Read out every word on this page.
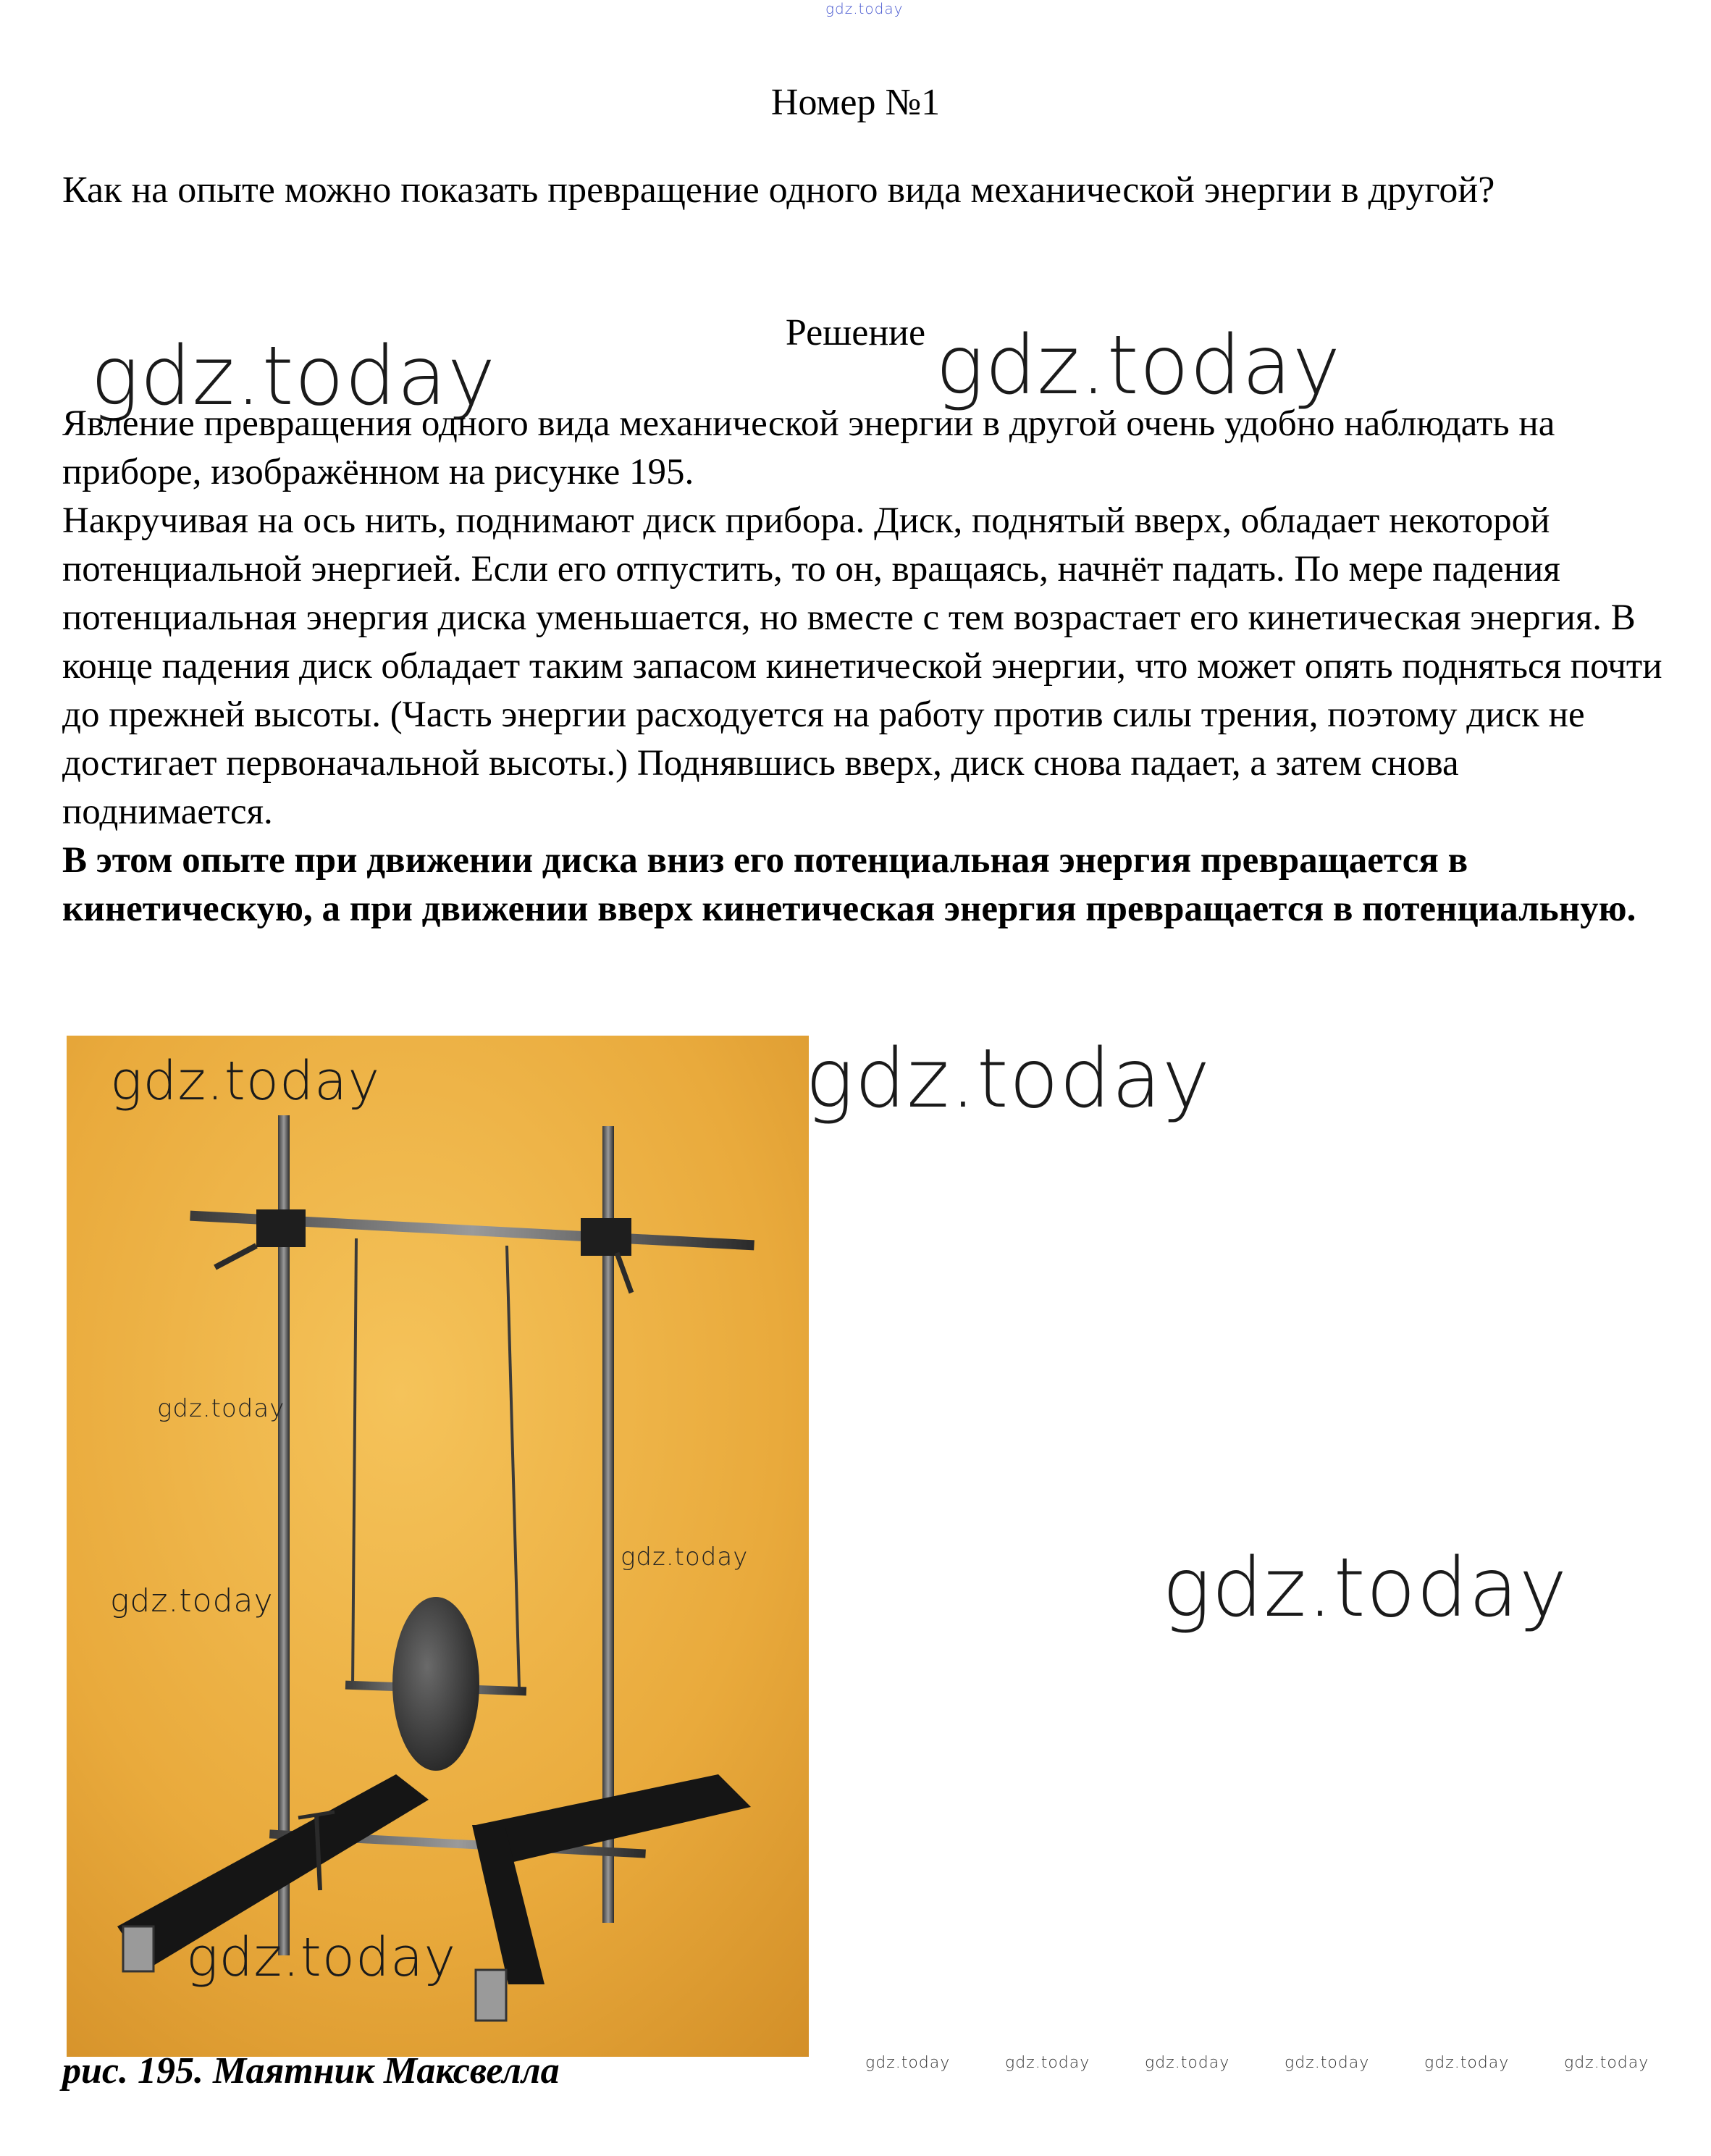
gdz.today
Номер №1
Как на опыте можно показать превращение одного вида механической энергии в другой?
Решение
gdz.today	gdz.today

Явление превращения одного вида механической энергии в другой очень удобно наблюдать на приборе, изображённом на рисунке 195.

Накручивая на ось нить, поднимают диск прибора. Диск, поднятый вверх, обладает некоторой потенциальной энергией. Если его отпустить, то он, вращаясь, начнёт падать. По мере падения потенциальная энергия диска уменьшается, но вместе с тем возрастает его кинетическая энергия. В конце падения диск обладает таким запасом кинетической энергии, что может опять подняться почти до прежней высоты. (Часть энергии расходуется на работу против силы трения, поэтому диск не достигает первоначальной высоты.) Поднявшись вверх, диск снова падает, а затем снова поднимается.

В этом опыте при движении диска вниз его потенциальная энергия превращается в кинетическую, а при движении вверх кинетическая энергия превращается в потенциальную.

gdz.today
gdz.today
gdz.today
gdz.today
gdz.today
gdz.today
gdz.today
рис. 195. Маятник Максвелла	gdz.today	gdz.today	gdz.today	gdz.today	gdz.today	gdz.today
